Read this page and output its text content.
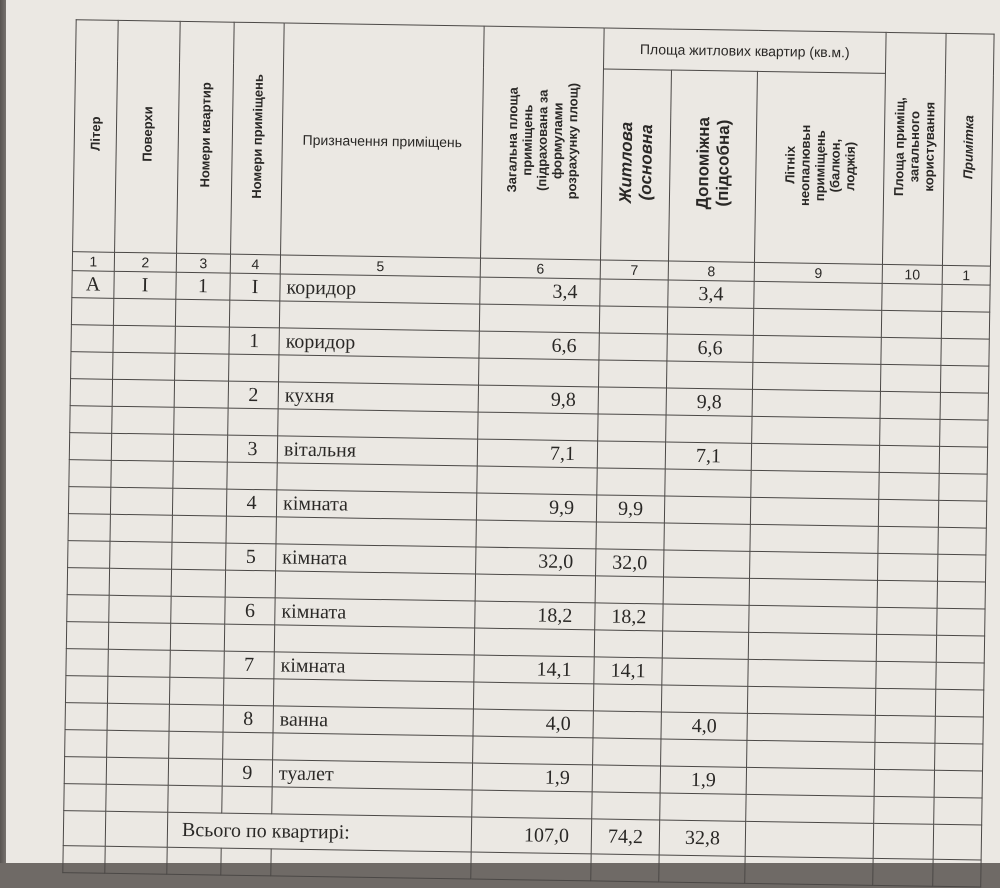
Літер	Поверхи	Номери квартир	Номери приміщень	Призначення приміщень	Загальна площа
приміщень
(підрахована за
формулами
розрахунку площ)	Площа житлових квартир (кв.м.)			Площа примiщ,
загального
користування	Примітка
						Житлова
(основна	Допоміжна
(підсобна)	Літніх
неопалювьн
приміщень
(балкон,
лоджія)		
1	2	3	4	5	6	7	8	9	10	1
А	I	1	I	коридор	3,4		3,4			

			1	коридор	6,6		6,6			

			2	кухня	9,8		9,8			

			3	вітальня	7,1		7,1			

			4	кімната	9,9	9,9				

			5	кімната	32,0	32,0				

			6	кімната	18,2	18,2				

			7	кімната	14,1	14,1				

			8	ванна	4,0		4,0			

			9	туалет	1,9		1,9			

		Всього по квартирі:			107,0	74,2	32,8			
